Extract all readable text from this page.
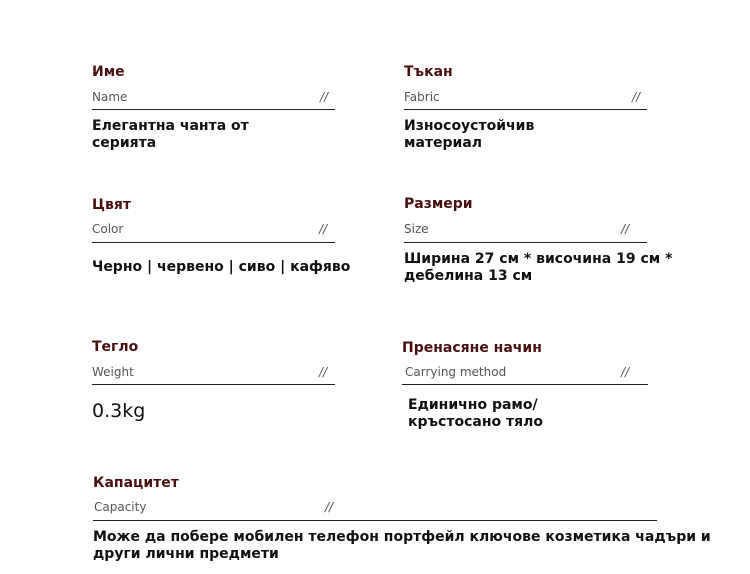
Име
Name	//
Елегантна чанта от серията
Тъкан
Fabric	//
Износоустойчив материал
Цвят
Color	//
Черно | червено | сиво | кафяво
Размери
Size	//
Ширина 27 см * височина 19 см * дебелина 13 см
Тегло
Weight	//
0.3kg
Пренасяне начин
Carrying method	//
Единично рамо/ кръстосано тяло
Капацитет
Capacity	//
Може да побере мобилен телефон портфейл ключове козметика чадъри и други лични предмети
